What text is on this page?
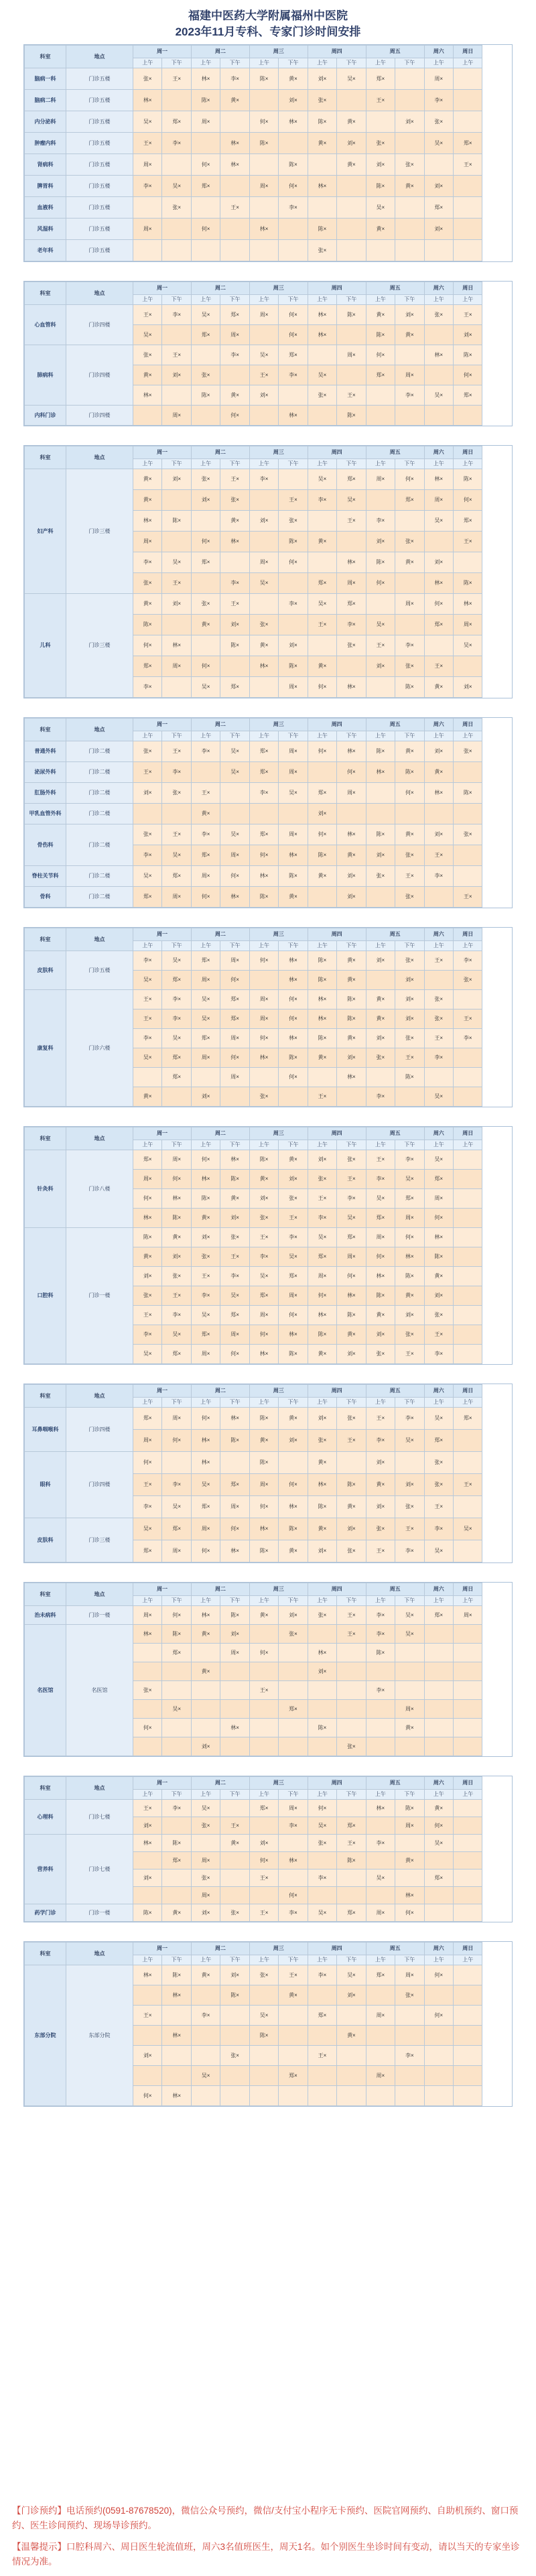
福建中医药大学附属福州中医院
2023年11月专科、专家门诊时间安排
科室	地点	周一		周二		周三		周四		周五		周六	周日
		上午	下午	上午	下午	上午	下午	上午	下午	上午	下午	上午	上午
脑病一科	门诊五楼	张×	王×	林×	李×	陈×	黄×	刘×	吴×	郑×		周×	
脑病二科	门诊五楼	林×		陈×	黄×		刘×	张×		王×		李×	
内分泌科	门诊五楼	吴×	郑×	周×		何×	林×	陈×	黄×		刘×	张×	
肿瘤内科	门诊五楼	王×	李×		林×	陈×		黄×	刘×	张×		吴×	郑×
肾病科	门诊五楼	周×		何×	林×		陈×		黄×	刘×	张×		王×
脾胃科	门诊五楼	李×	吴×	郑×		周×	何×	林×		陈×	黄×	刘×	
血液科	门诊五楼		张×		王×		李×			吴×		郑×	
风湿科	门诊五楼	周×		何×		林×		陈×		黄×		刘×	
老年科	门诊五楼							张×					
科室	地点	周一		周二		周三		周四		周五		周六	周日
		上午	下午	上午	下午	上午	下午	上午	下午	上午	下午	上午	上午
心血管科	门诊四楼	王×	李×	吴×	郑×	周×	何×	林×	陈×	黄×	刘×	张×	王×
		吴×		郑×	周×		何×	林×		陈×	黄×		刘×
肺病科	门诊四楼	张×	王×		李×	吴×	郑×		周×	何×		林×	陈×
		黄×	刘×	张×		王×	李×	吴×		郑×	周×		何×
		林×		陈×	黄×	刘×		张×	王×		李×	吴×	郑×
内科门诊	门诊四楼		周×		何×		林×		陈×				
科室	地点	周一		周二		周三		周四		周五		周六	周日
		上午	下午	上午	下午	上午	下午	上午	下午	上午	下午	上午	上午
妇产科	门诊三楼	黄×	刘×	张×	王×	李×		吴×	郑×	周×	何×	林×	陈×
		黄×		刘×	张×		王×	李×	吴×		郑×	周×	何×
		林×	陈×		黄×	刘×	张×		王×	李×		吴×	郑×
		周×		何×	林×		陈×	黄×		刘×	张×		王×
		李×	吴×	郑×		周×	何×		林×	陈×	黄×	刘×	
		张×	王×		李×	吴×		郑×	周×	何×		林×	陈×
儿科	门诊三楼	黄×	刘×	张×	王×		李×	吴×	郑×		周×	何×	林×
		陈×		黄×	刘×	张×		王×	李×	吴×		郑×	周×
		何×	林×		陈×	黄×	刘×		张×	王×	李×		吴×
		郑×	周×	何×		林×	陈×	黄×		刘×	张×	王×	
		李×		吴×	郑×		周×	何×	林×		陈×	黄×	刘×
科室	地点	周一		周二		周三		周四		周五		周六	周日
		上午	下午	上午	下午	上午	下午	上午	下午	上午	下午	上午	上午
普通外科	门诊二楼	张×	王×	李×	吴×	郑×	周×	何×	林×	陈×	黄×	刘×	张×
泌尿外科	门诊二楼	王×	李×		吴×	郑×	周×		何×	林×	陈×	黄×	
肛肠外科	门诊二楼	刘×	张×	王×		李×	吴×	郑×	周×		何×	林×	陈×
甲乳血管外科	门诊二楼			黄×				刘×					
骨伤科	门诊二楼	张×	王×	李×	吴×	郑×	周×	何×	林×	陈×	黄×	刘×	张×
		李×	吴×	郑×	周×	何×	林×	陈×	黄×	刘×	张×	王×	
脊柱关节科	门诊二楼	吴×	郑×	周×	何×	林×	陈×	黄×	刘×	张×	王×	李×	
骨科	门诊二楼	郑×	周×	何×	林×	陈×	黄×		刘×		张×		王×
科室	地点	周一		周二		周三		周四		周五		周六	周日
		上午	下午	上午	下午	上午	下午	上午	下午	上午	下午	上午	上午
皮肤科	门诊五楼	李×	吴×	郑×	周×	何×	林×	陈×	黄×	刘×	张×	王×	李×
		吴×	郑×	周×	何×		林×	陈×	黄×		刘×		张×
康复科	门诊六楼	王×	李×	吴×	郑×	周×	何×	林×	陈×	黄×	刘×	张×	
		王×	李×	吴×	郑×	周×	何×	林×	陈×	黄×	刘×	张×	王×
		李×	吴×	郑×	周×	何×	林×	陈×	黄×	刘×	张×	王×	李×
		吴×	郑×	周×	何×	林×	陈×	黄×	刘×	张×	王×	李×	
			郑×		周×		何×		林×		陈×		
		黄×		刘×		张×		王×		李×		吴×	
科室	地点	周一		周二		周三		周四		周五		周六	周日
		上午	下午	上午	下午	上午	下午	上午	下午	上午	下午	上午	上午
针灸科	门诊八楼	郑×	周×	何×	林×	陈×	黄×	刘×	张×	王×	李×	吴×	
		周×	何×	林×	陈×	黄×	刘×	张×	王×	李×	吴×	郑×	
		何×	林×	陈×	黄×	刘×	张×	王×	李×	吴×	郑×	周×	
		林×	陈×	黄×	刘×	张×	王×	李×	吴×	郑×	周×	何×	
口腔科	门诊一楼	陈×	黄×	刘×	张×	王×	李×	吴×	郑×	周×	何×	林×	
		黄×	刘×	张×	王×	李×	吴×	郑×	周×	何×	林×	陈×	
		刘×	张×	王×	李×	吴×	郑×	周×	何×	林×	陈×	黄×	
		张×	王×	李×	吴×	郑×	周×	何×	林×	陈×	黄×	刘×	
		王×	李×	吴×	郑×	周×	何×	林×	陈×	黄×	刘×	张×	
		李×	吴×	郑×	周×	何×	林×	陈×	黄×	刘×	张×	王×	
		吴×	郑×	周×	何×	林×	陈×	黄×	刘×	张×	王×	李×	
科室	地点	周一		周二		周三		周四		周五		周六	周日
		上午	下午	上午	下午	上午	下午	上午	下午	上午	下午	上午	上午
耳鼻咽喉科	门诊四楼	郑×	周×	何×	林×	陈×	黄×	刘×	张×	王×	李×	吴×	郑×
		周×	何×	林×	陈×	黄×	刘×	张×	王×	李×	吴×	郑×	
眼科	门诊四楼	何×		林×		陈×		黄×		刘×		张×	
		王×	李×	吴×	郑×	周×	何×	林×	陈×	黄×	刘×	张×	王×
		李×	吴×	郑×	周×	何×	林×	陈×	黄×	刘×	张×	王×	
皮肤科	门诊三楼	吴×	郑×	周×	何×	林×	陈×	黄×	刘×	张×	王×	李×	吴×
		郑×	周×	何×	林×	陈×	黄×	刘×	张×	王×	李×	吴×	
科室	地点	周一		周二		周三		周四		周五		周六	周日
		上午	下午	上午	下午	上午	下午	上午	下午	上午	下午	上午	上午
治未病科	门诊一楼	周×	何×	林×	陈×	黄×	刘×	张×	王×	李×	吴×	郑×	周×
名医馆	名医馆	林×	陈×	黄×	刘×		张×		王×	李×	吴×		
			郑×		周×	何×		林×		陈×			
				黄×				刘×					
		张×				王×				李×			
			吴×				郑×				周×		
		何×			林×			陈×			黄×		
				刘×					张×				
科室	地点	周一		周二		周三		周四		周五		周六	周日
		上午	下午	上午	下午	上午	下午	上午	下午	上午	下午	上午	上午
心理科	门诊七楼	王×	李×	吴×		郑×	周×	何×		林×	陈×	黄×	
		刘×		张×	王×		李×	吴×	郑×		周×	何×	
营养科	门诊七楼	林×	陈×		黄×	刘×		张×	王×	李×		吴×	
			郑×	周×		何×	林×		陈×		黄×		
		刘×		张×		王×		李×		吴×		郑×	
				周×			何×				林×		
药学门诊	门诊一楼	陈×	黄×	刘×	张×	王×	李×	吴×	郑×	周×	何×		
科室	地点	周一		周二		周三		周四		周五		周六	周日
		上午	下午	上午	下午	上午	下午	上午	下午	上午	下午	上午	上午
东部分院	东部分院	林×	陈×	黄×	刘×	张×	王×	李×	吴×	郑×	周×	何×	
			林×		陈×		黄×		刘×		张×		
		王×		李×		吴×		郑×		周×		何×	
			林×			陈×			黄×				
		刘×			张×			王×			李×		
				吴×			郑×			周×			
		何×	林×										

【门诊预约】电话预约(0591-87678520)，微信公众号预约，微信/支付宝小程序无卡预约、医院官网预约、自助机预约、窗口预约、医生诊间预约、现场导诊预约。

【温馨提示】口腔科周六、周日医生轮流值班，周六3名值班医生，周天1名。如个别医生坐诊时间有变动，请以当天的专家坐诊情况为准。
